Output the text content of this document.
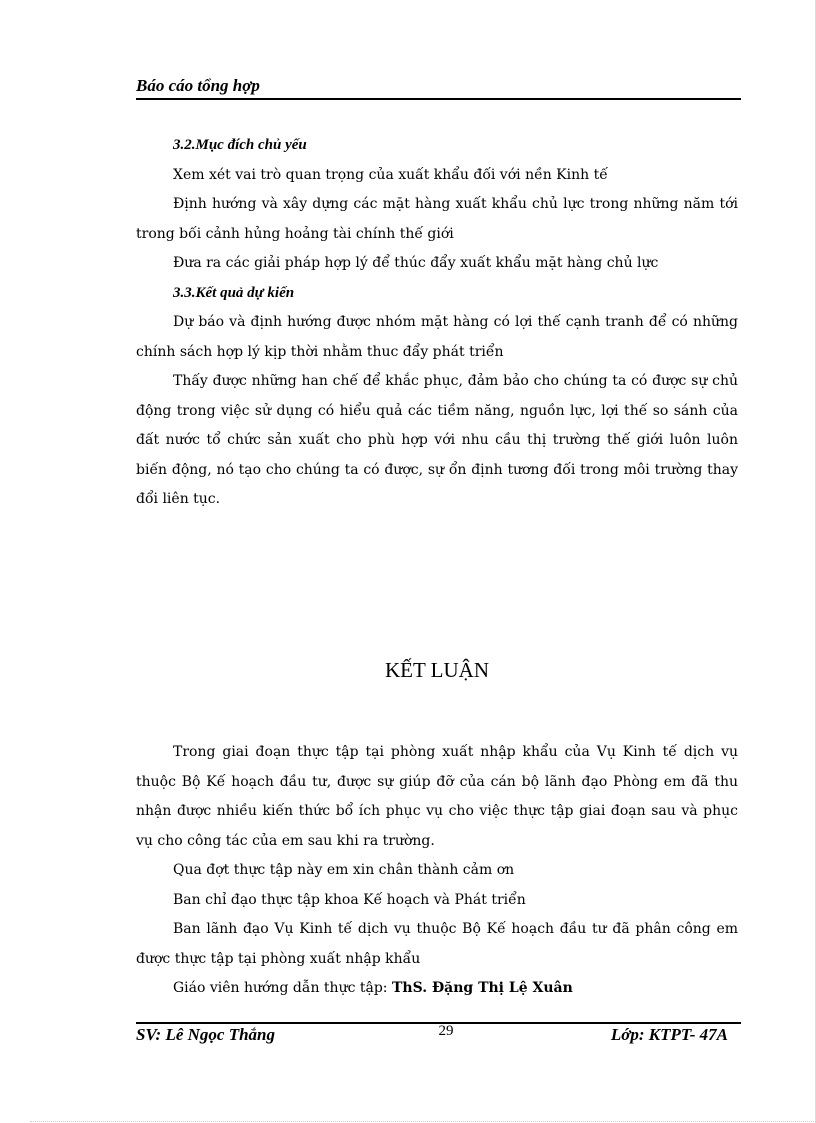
Báo cáo tổng hợp

3.2.Mục đích chủ yếu

Xem xét vai trò quan trọng của xuất khẩu đối với nền Kinh tế

Định hướng và xây dựng các mặt hàng xuất khẩu chủ lực trong những năm tới trong bối cảnh hủng hoảng tài chính thế giới

Đưa ra các giải pháp hợp lý để thúc đẩy xuất khẩu mặt hàng chủ lực

3.3.Kết quả dự kiến

Dự báo và định hướng được nhóm mặt hàng có lợi thế cạnh tranh để có những chính sách hợp lý kịp thời nhằm thuc đẩy phát triển

Thấy được những han chế để khắc phục, đảm bảo cho chúng ta có được sự chủ động trong việc sử dụng có hiểu quả các tiềm năng, nguồn lực, lợi thế so sánh của đất nước tổ chức sản xuất cho phù hợp với nhu cầu thị trường thế giới luôn luôn biến động, nó tạo cho chúng ta có được, sự ổn định tương đối trong môi trường thay đổi liên tục.

KẾT LUẬN

Trong giai đoạn thực tập tại phòng xuất nhập khẩu của Vụ Kinh tế dịch vụ thuộc Bộ Kế hoạch đầu tư, được sự giúp đỡ của cán bộ lãnh đạo Phòng em đã thu nhận được nhiều kiến thức bổ ích phục vụ cho việc thực tập giai đoạn sau và phục vụ cho công tác của em sau khi ra trường.

Qua đợt thực tập này em xin chân thành cảm ơn

Ban chỉ đạo thực tập khoa Kế hoạch và Phát triển

Ban lãnh đạo Vụ Kinh tế dịch vụ thuộc Bộ Kế hoạch đầu tư đã phân công em được thực tập tại phòng xuất nhập khẩu

Giáo viên hướng dẫn thực tập: ThS. Đặng Thị Lệ Xuân

SV: Lê Ngọc Thắng	29	Lớp: KTPT- 47A
